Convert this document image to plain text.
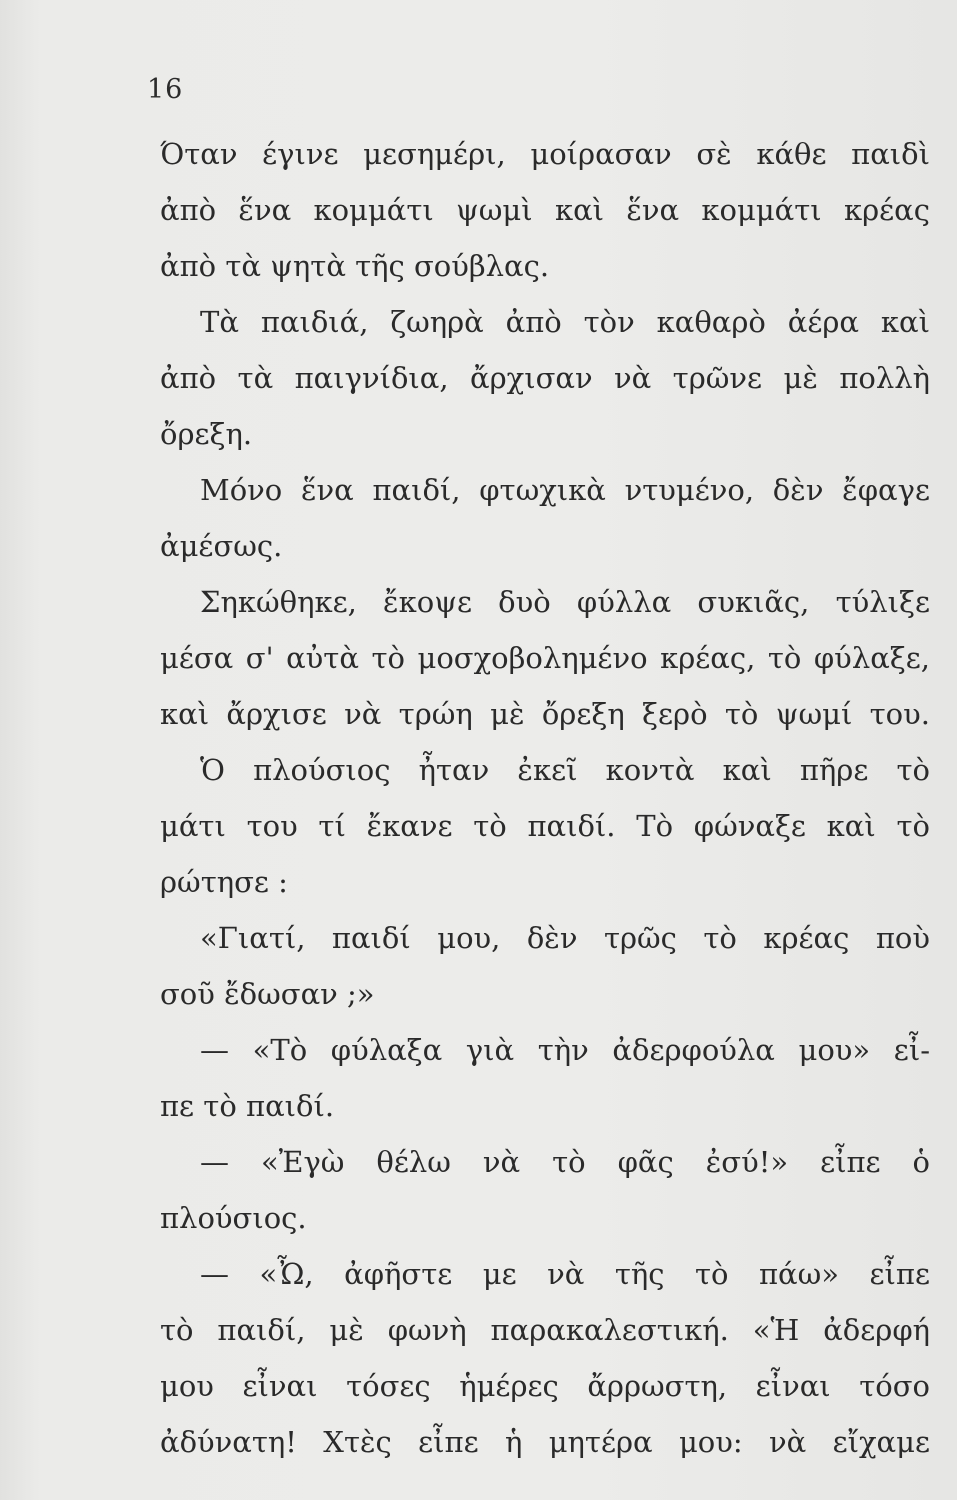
16
Όταν έγινε μεσημέρι, μοίρασαν σὲ κάθε παιδὶ
ἀπὸ ἕνα κομμάτι ψωμὶ καὶ ἕνα κομμάτι κρέας
ἀπὸ τὰ ψητὰ τῆς σούβλας.
Τὰ παιδιά, ζωηρὰ ἀπὸ τὸν καθαρὸ ἀέρα καὶ
ἀπὸ τὰ παιγνίδια, ἄρχισαν νὰ τρῶνε μὲ πολλὴ
ὄρεξη.
Μόνο ἕνα παιδί, φτωχικὰ ντυμένο, δὲν ἔφαγε
ἀμέσως.
Σηκώθηκε, ἔκοψε δυὸ φύλλα συκιᾶς, τύλιξε
μέσα σ' αὐτὰ τὸ μοσχοβολημένο κρέας, τὸ φύλαξε,
καὶ ἄρχισε νὰ τρώη μὲ ὄρεξη ξερὸ τὸ ψωμί του.
Ὁ πλούσιος ἦταν ἐκεῖ κοντὰ καὶ πῆρε τὸ
μάτι του τί ἔκανε τὸ παιδί. Τὸ φώναξε καὶ τὸ
ρώτησε :
«Γιατί, παιδί μου, δὲν τρῶς τὸ κρέας ποὺ
σοῦ ἔδωσαν ;»
— «Τὸ φύλαξα γιὰ τὴν ἀδερφούλα μου» εἶ-
πε τὸ παιδί.
— «Ἐγὼ θέλω νὰ τὸ φᾶς ἐσύ!» εἶπε ὁ
πλούσιος.
— «Ὦ, ἀφῆστε με νὰ τῆς τὸ πάω» εἶπε
τὸ παιδί, μὲ φωνὴ παρακαλεστική. «Ἡ ἀδερφή
μου εἶναι τόσες ἡμέρες ἄρρωστη, εἶναι τόσο
ἀδύνατη! Χτὲς εἶπε ἡ μητέρα μου: νὰ εἴχαμε
